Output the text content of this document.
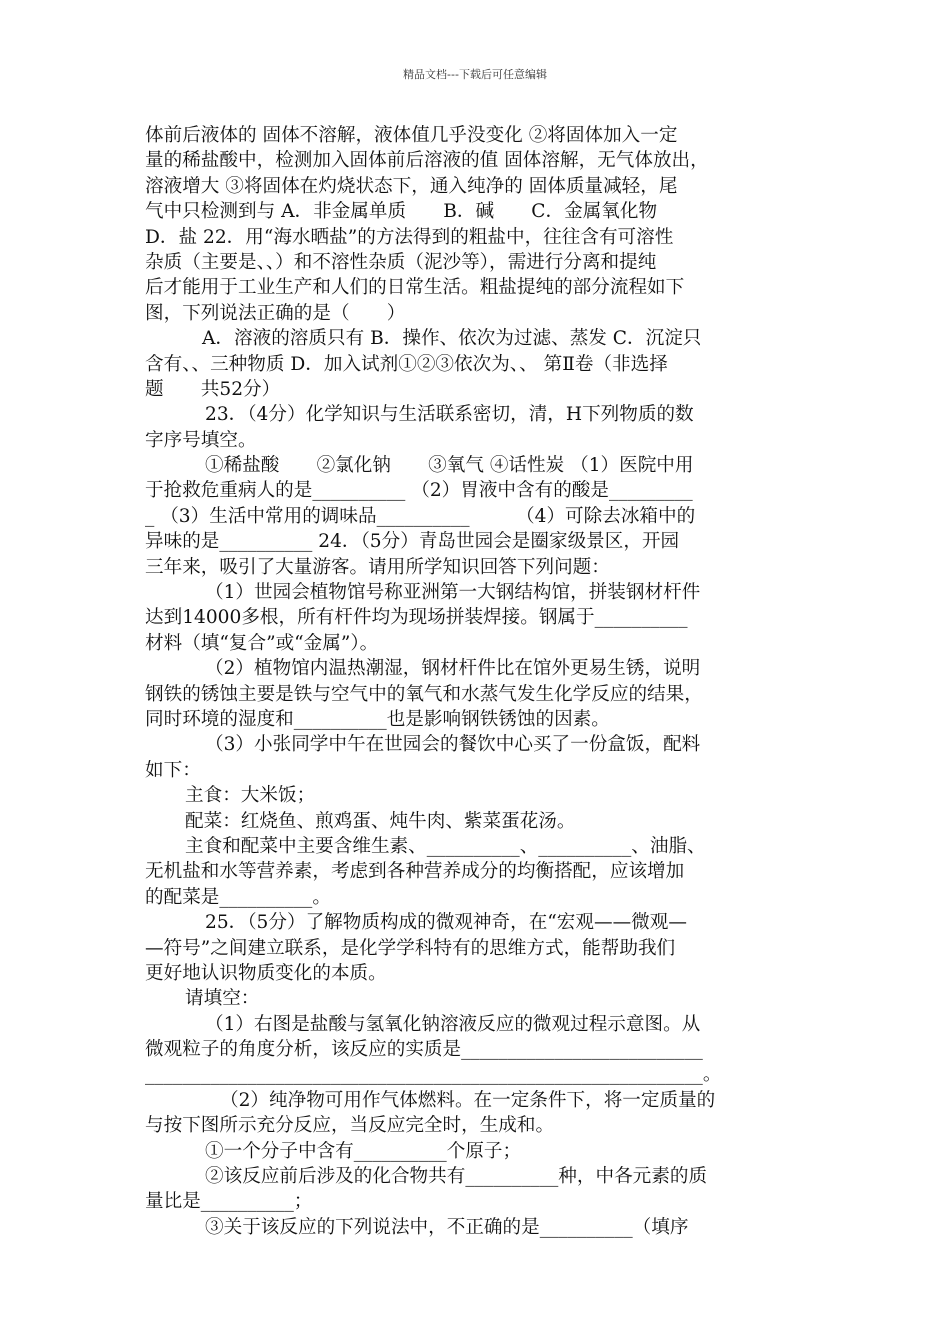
精品文档---下载后可任意编辑
体前后液体的 固体不溶解，液体值几乎没变化 ②将固体加入一定
量的稀盐酸中，检测加入固体前后溶液的值 固体溶解，无气体放出，
溶液增大 ③将固体在灼烧状态下，通入纯净的 固体质量减轻，尾
气中只检测到与 A．非金属单质　　B．碱　　C．金属氧化物
D．盐 22．用“海水晒盐”的方法得到的粗盐中，往往含有可溶性
杂质（主要是、、）和不溶性杂质（泥沙等），需进行分离和提纯
后才能用于工业生产和人们的日常生活。粗盐提纯的部分流程如下
图，下列说法正确的是（　　）
A．溶液的溶质只有 B．操作、依次为过滤、蒸发 C．沉淀只
含有、、三种物质 D．加入试剂①②③依次为、、 第Ⅱ卷（非选择
题　　共52分）
23．（4分）化学知识与生活联系密切，清，H下列物质的数
字序号填空。
①稀盐酸　　②氯化钠　　③氧气 ④话性炭 （1）医院中用
于抢救危重病人的是__________ （2）胃液中含有的酸是_________
_ （3）生活中常用的调味品__________　　　（4）可除去冰箱中的
异味的是__________ 24．（5分）青岛世园会是圈家级景区，开园
三年来，吸引了大量游客。请用所学知识回答下列问题：
（1）世园会植物馆号称亚洲第一大钢结构馆，拼装钢材杆件
达到14000多根，所有杆件均为现场拼装焊接。钢属于__________
材料（填“复合”或“金属”）。
（2）植物馆内温热潮湿，钢材杆件比在馆外更易生锈，说明
钢铁的锈蚀主要是铁与空气中的氧气和水蒸气发生化学反应的结果，
同时环境的湿度和__________也是影响钢铁锈蚀的因素。
（3）小张同学中午在世园会的餐饮中心买了一份盒饭，配料
如下：
主食：大米饭；
配菜：红烧鱼、煎鸡蛋、炖牛肉、紫菜蛋花汤。
主食和配菜中主要含维生素、__________、__________、油脂、
无机盐和水等营养素，考虑到各种营养成分的均衡搭配，应该增加
的配菜是__________。
25．（5分）了解物质构成的微观神奇，在“宏观——微观—
—符号”之间建立联系，是化学学科特有的思维方式，能帮助我们
更好地认识物质变化的本质。
请填空：
（1）右图是盐酸与氢氧化钠溶液反应的微观过程示意图。从
微观粒子的角度分析，该反应的实质是__________________________
____________________________________________________________。
（2）纯净物可用作气体燃料。在一定条件下，将一定质量的
与按下图所示充分反应，当反应完全时，生成和。
①一个分子中含有__________个原子；
②该反应前后涉及的化合物共有__________种，中各元素的质
量比是__________；
③关于该反应的下列说法中，不正确的是__________（填序
